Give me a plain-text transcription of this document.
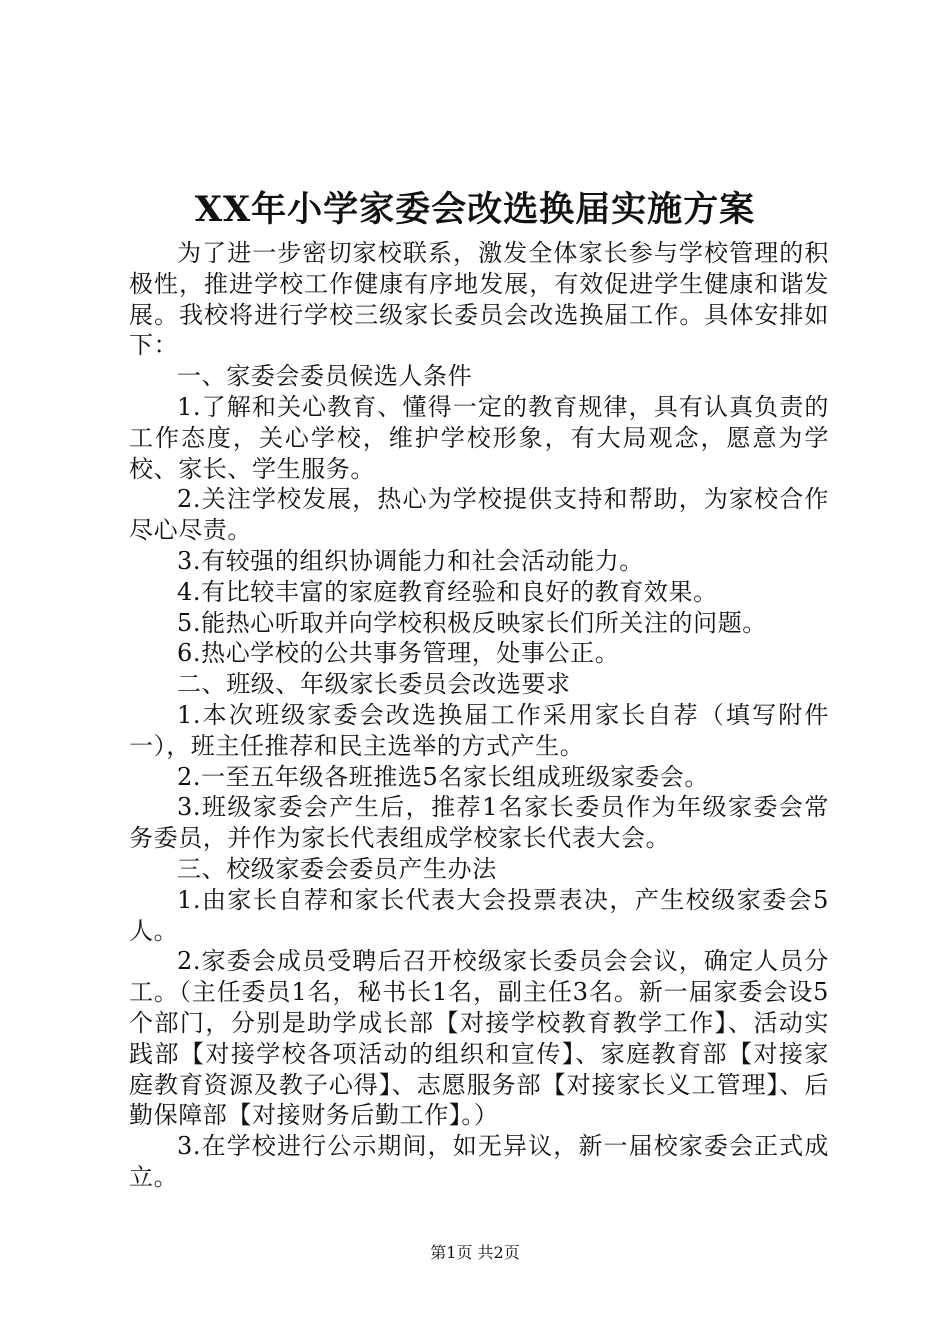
XX年小学家委会改选换届实施方案

为了进一步密切家校联系，激发全体家长参与学校管理的积极性，推进学校工作健康有序地发展，有效促进学生健康和谐发展。我校将进行学校三级家长委员会改选换届工作。具体安排如下：

一、家委会委员候选人条件

1.了解和关心教育、懂得一定的教育规律，具有认真负责的工作态度，关心学校，维护学校形象，有大局观念，愿意为学校、家长、学生服务。

2.关注学校发展，热心为学校提供支持和帮助，为家校合作尽心尽责。

3.有较强的组织协调能力和社会活动能力。

4.有比较丰富的家庭教育经验和良好的教育效果。

5.能热心听取并向学校积极反映家长们所关注的问题。

6.热心学校的公共事务管理，处事公正。

二、班级、年级家长委员会改选要求

1.本次班级家委会改选换届工作采用家长自荐（填写附件一），班主任推荐和民主选举的方式产生。

2.一至五年级各班推选5名家长组成班级家委会。

3.班级家委会产生后，推荐1名家长委员作为年级家委会常务委员，并作为家长代表组成学校家长代表大会。

三、校级家委会委员产生办法

1.由家长自荐和家长代表大会投票表决，产生校级家委会5人。

2.家委会成员受聘后召开校级家长委员会会议，确定人员分工。（主任委员1名，秘书长1名，副主任3名。新一届家委会设5个部门，分别是助学成长部【对接学校教育教学工作】、活动实践部【对接学校各项活动的组织和宣传】、家庭教育部【对接家庭教育资源及教子心得】、志愿服务部【对接家长义工管理】、后勤保障部【对接财务后勤工作】。）

3.在学校进行公示期间，如无异议，新一届校家委会正式成立。

第1页 共2页
